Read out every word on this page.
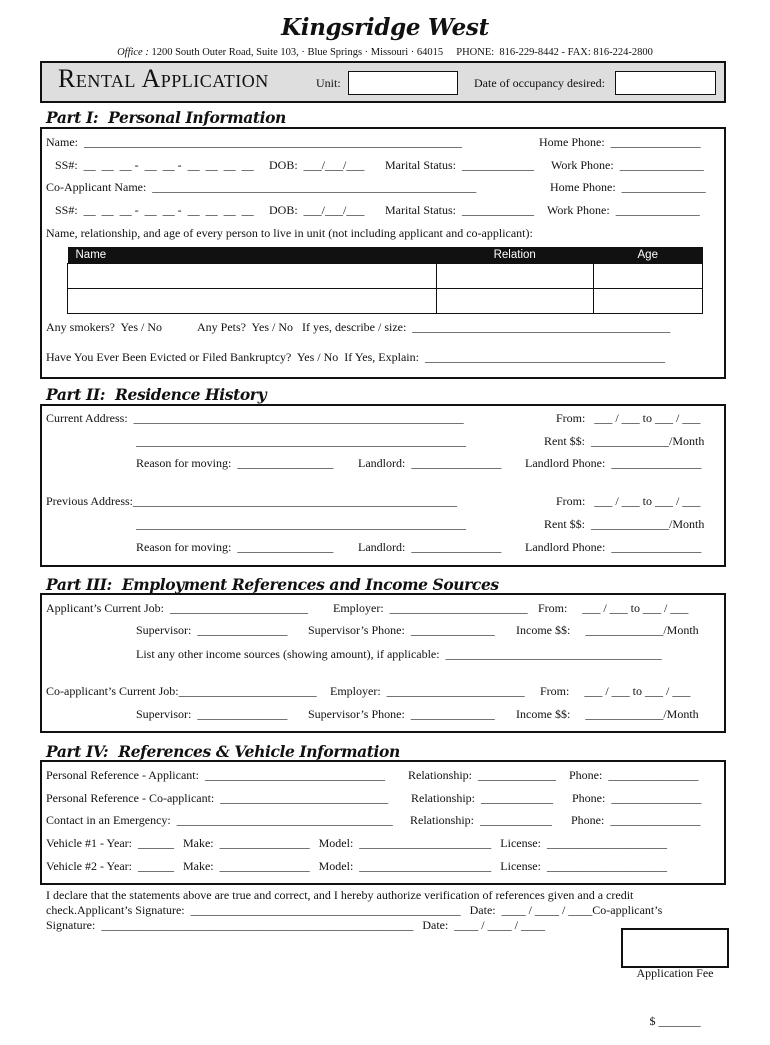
Kingsridge West
Office : 1200 South Outer Road, Suite 103, · Blue Springs · Missouri · 64015     PHONE:  816-229-8442 - FAX: 816-224-2800
Rental Application	Unit:	Date of occupancy desired:
Part I:  Personal Information
Name:  _______________________________________________________________	Home Phone:  _______________
SS#:  __  __  __ -  __  __ -  __  __  __  __ DOB:  ___/___/___ Marital Status:  ____________ Work Phone:  ______________
Co-Applicant Name:  ______________________________________________________	Home Phone:  ______________
SS#:  __  __  __ -  __  __ -  __  __  __  __ DOB:  ___/___/___ Marital Status:  ____________ Work Phone:  ______________
Name, relationship, and age of every person to live in unit (not including applicant and co-applicant):
Name	Relation	Age

Any smokers?  Yes / No	Any Pets?  Yes / No   If yes, describe / size:  ___________________________________________
Have You Ever Been Evicted or Filed Bankruptcy?  Yes / No  If Yes, Explain:  ________________________________________
Part II:  Residence History
Current Address:  _______________________________________________________	From:   ___ / ___ to ___ / ___
_______________________________________________________	Rent $$:  _____________/Month
Reason for moving:  ________________ Landlord:  _______________ Landlord Phone:  _______________
Previous Address:______________________________________________________	From:   ___ / ___ to ___ / ___
_______________________________________________________	Rent $$:  _____________/Month
Reason for moving:  ________________ Landlord:  _______________ Landlord Phone:  _______________
Part III:  Employment References and Income Sources
Applicant’s Current Job:  _______________________ Employer:  _______________________ From:     ___ / ___ to ___ / ___
Supervisor:  _______________ Supervisor’s Phone:  ______________ Income $$:     _____________/Month
List any other income sources (showing amount), if applicable:  ____________________________________
Co-applicant’s Current Job:_______________________ Employer:  _______________________ From:     ___ / ___ to ___ / ___
Supervisor:  _______________ Supervisor’s Phone:  ______________ Income $$:     _____________/Month
Part IV:  References & Vehicle Information
Personal Reference - Applicant:  ______________________________ Relationship:  _____________ Phone:  _______________
Personal Reference - Co-applicant:  ____________________________ Relationship:  ____________ Phone:  _______________
Contact in an Emergency:  ____________________________________ Relationship:  ____________ Phone:  _______________
Vehicle #1 - Year:  ______   Make:  _______________   Model:  ______________________   License:  ____________________
Vehicle #2 - Year:  ______   Make:  _______________   Model:  ______________________   License:  ____________________
I declare that the statements above are true and correct, and I hereby authorize verification of references given and a credit
check.Applicant’s Signature:  _____________________________________________   Date:  ____ / ____ / ____Co-applicant’s
Signature:  ____________________________________________________   Date:  ____ / ____ / ____

Application Fee

$ _______
